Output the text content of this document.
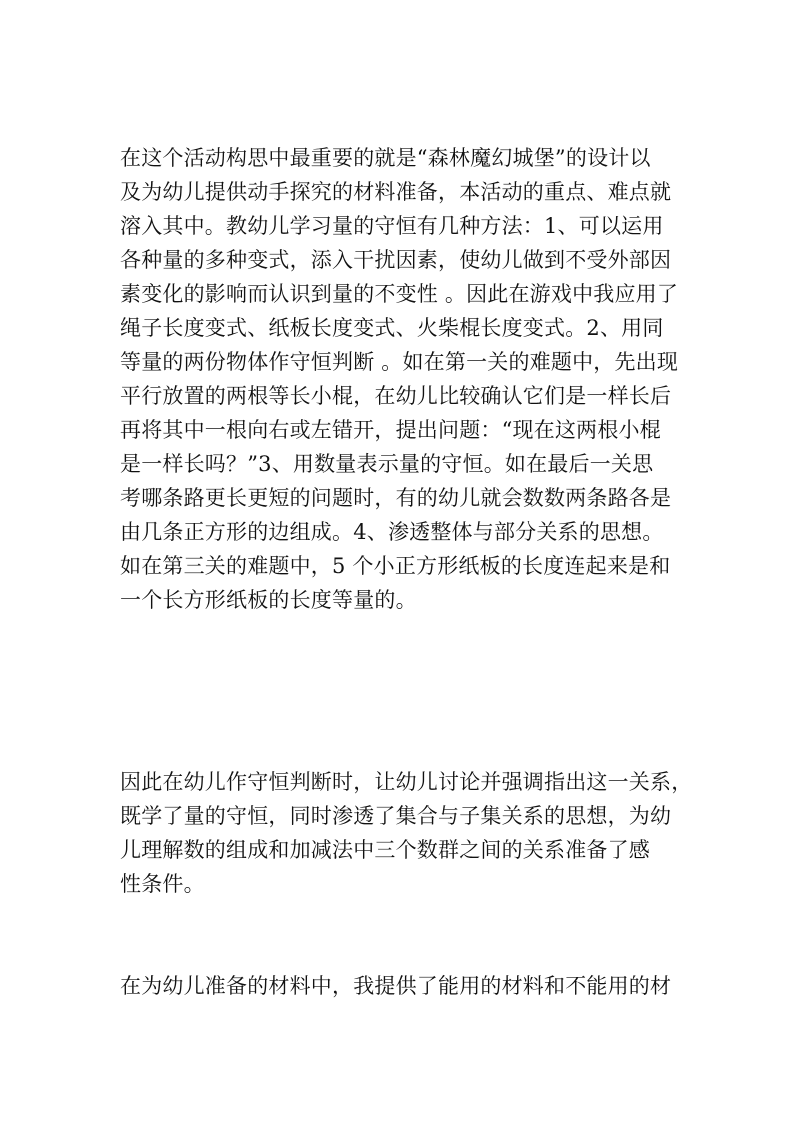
在这个活动构思中最重要的就是“森林魔幻城堡”的设计以
及为幼儿提供动手探究的材料准备，本活动的重点、难点就
溶入其中。教幼儿学习量的守恒有几种方法：1、可以运用
各种量的多种变式，添入干扰因素，使幼儿做到不受外部因
素变化的影响而认识到量的不变性 。因此在游戏中我应用了
绳子长度变式、纸板长度变式、火柴棍长度变式。2、用同
等量的两份物体作守恒判断 。如在第一关的难题中，先出现
平行放置的两根等长小棍，在幼儿比较确认它们是一样长后
再将其中一根向右或左错开，提出问题：“现在这两根小棍
是一样长吗？”3、用数量表示量的守恒。如在最后一关思
考哪条路更长更短的问题时，有的幼儿就会数数两条路各是
由几条正方形的边组成。4、渗透整体与部分关系的思想。
如在第三关的难题中，5 个小正方形纸板的长度连起来是和
一个长方形纸板的长度等量的。
因此在幼儿作守恒判断时，让幼儿讨论并强调指出这一关系，
既学了量的守恒，同时渗透了集合与子集关系的思想，为幼
儿理解数的组成和加减法中三个数群之间的关系准备了感
性条件。
在为幼儿准备的材料中，我提供了能用的材料和不能用的材
